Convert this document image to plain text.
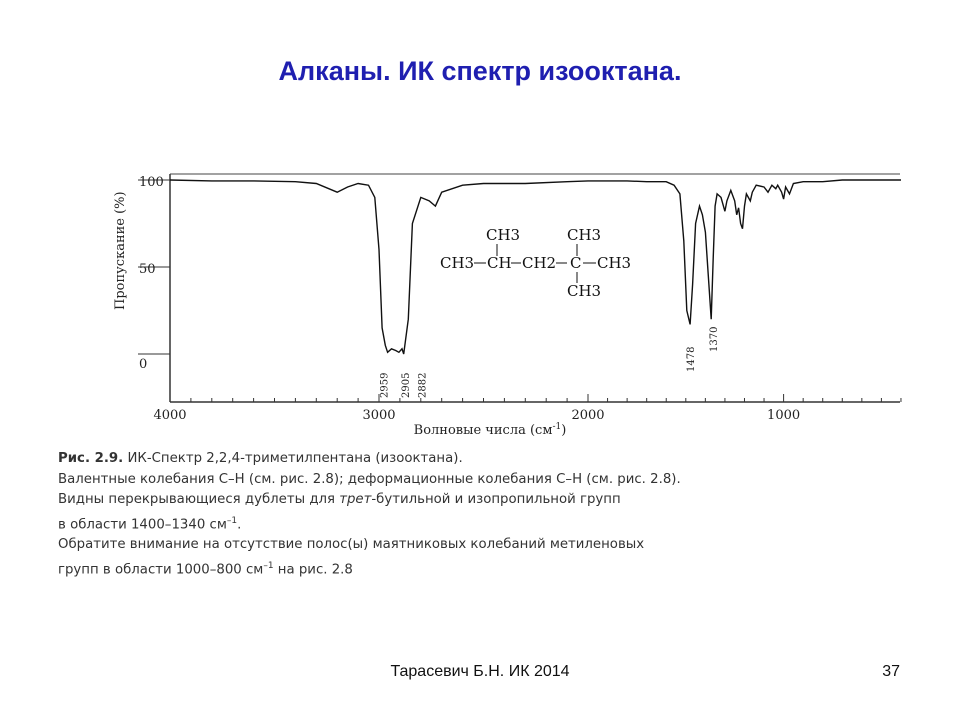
Алканы. ИК спектр изооктана.
4000	3000	2000	1000
100
50
0
Волновые числа $(см^{-1})$
Пропускание (%)
2959 2905 2882
1478
1370
CH3	CH3
CH3 CH CH2 C CH3
CH3
Рис. 2.9. ИК-Спектр 2,2,4-триметилпентана (изооктана).
Валентные колебания C–H (см. рис. 2.8); деформационные колебания C–H (см. рис. 2.8).
Видны перекрывающиеся дублеты для трет-бутильной и изопропильной групп
в области 1400–1340 $см^{-1}$.
Обратите внимание на отсутствие полос(ы) маятниковых колебаний метиленовых
групп в области 1000–800 $см^{-1}$ на рис. 2.8
Тарасевич Б.Н. ИК 2014	37
